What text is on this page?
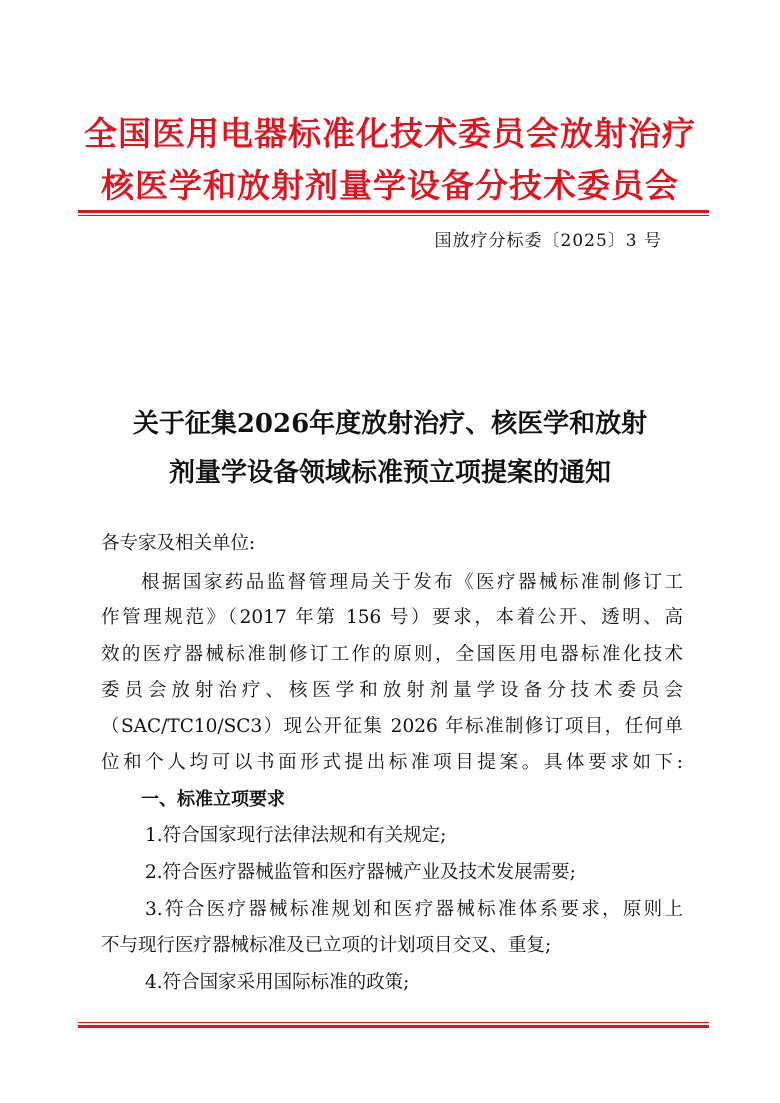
全国医用电器标准化技术委员会放射治疗
核医学和放射剂量学设备分技术委员会
国放疗分标委〔2025〕3 号
关于征集2026年度放射治疗、核医学和放射
剂量学设备领域标准预立项提案的通知
各专家及相关单位:
根据国家药品监督管理局关于发布《医疗器械标准制修订工
作管理规范》（2017 年第 156 号）要求，本着公开、透明、高
效的医疗器械标准制修订工作的原则，全国医用电器标准化技术
委员会放射治疗、核医学和放射剂量学设备分技术委员会
（SAC/TC10/SC3）现公开征集 2026 年标准制修订项目，任何单
位和个人均可以书面形式提出标准项目提案。具体要求如下:
一、标准立项要求
1.符合国家现行法律法规和有关规定;
2.符合医疗器械监管和医疗器械产业及技术发展需要;
3.符合医疗器械标准规划和医疗器械标准体系要求，原则上
不与现行医疗器械标准及已立项的计划项目交叉、重复;
4.符合国家采用国际标准的政策;
